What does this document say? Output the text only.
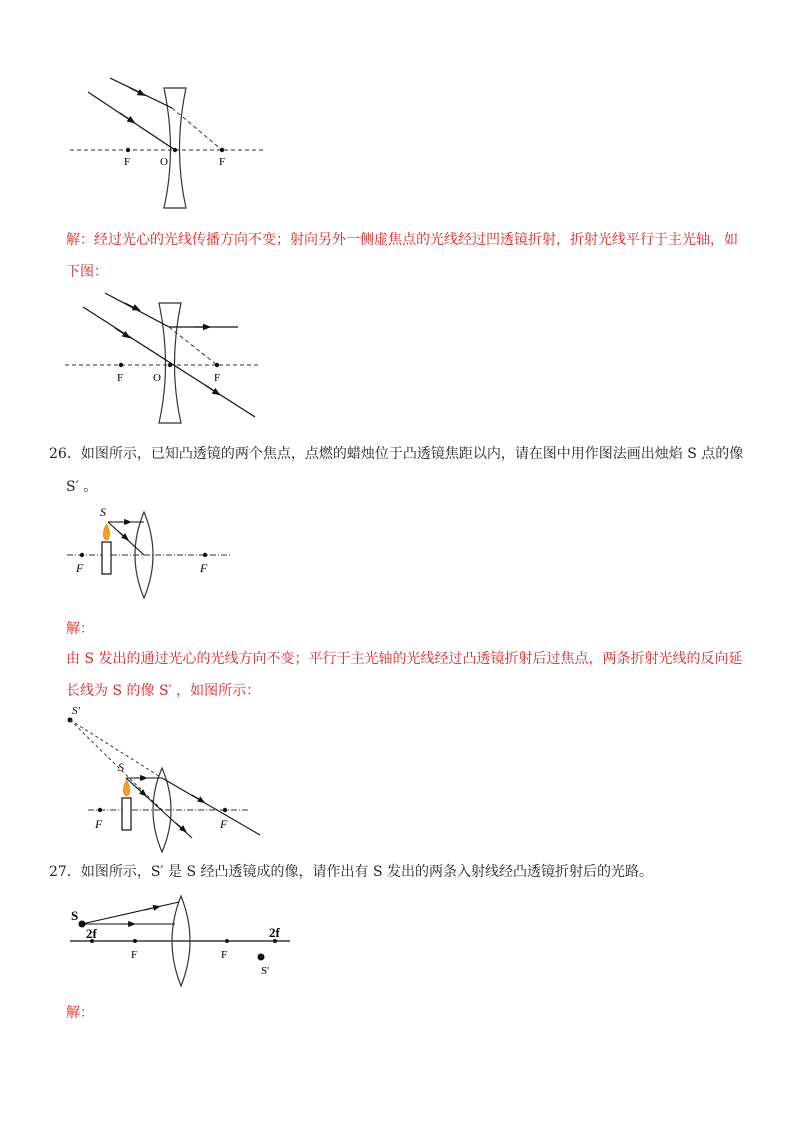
F	O	F
解：经过光心的光线传播方向不变；射向另外一侧虚焦点的光线经过凹透镜折射，折射光线平行于主光轴，如
下图：
F	O	F
26．如图所示，已知凸透镜的两个焦点，点燃的蜡烛位于凸透镜焦距以内，请在图中用作图法画出烛焰 S 点的像
S′ 。
S
F	F
解：
由 S 发出的通过光心的光线方向不变；平行于主光轴的光线经过凸透镜折射后过焦点，两条折射光线的反向延
长线为 S 的像 S′ ，如图所示：
S'
S
F	F
27．如图所示，S′ 是 S 经凸透镜成的像，请作出有 S 发出的两条入射线经凸透镜折射后的光路。
S
2f
F	F
2f
S'
解：
